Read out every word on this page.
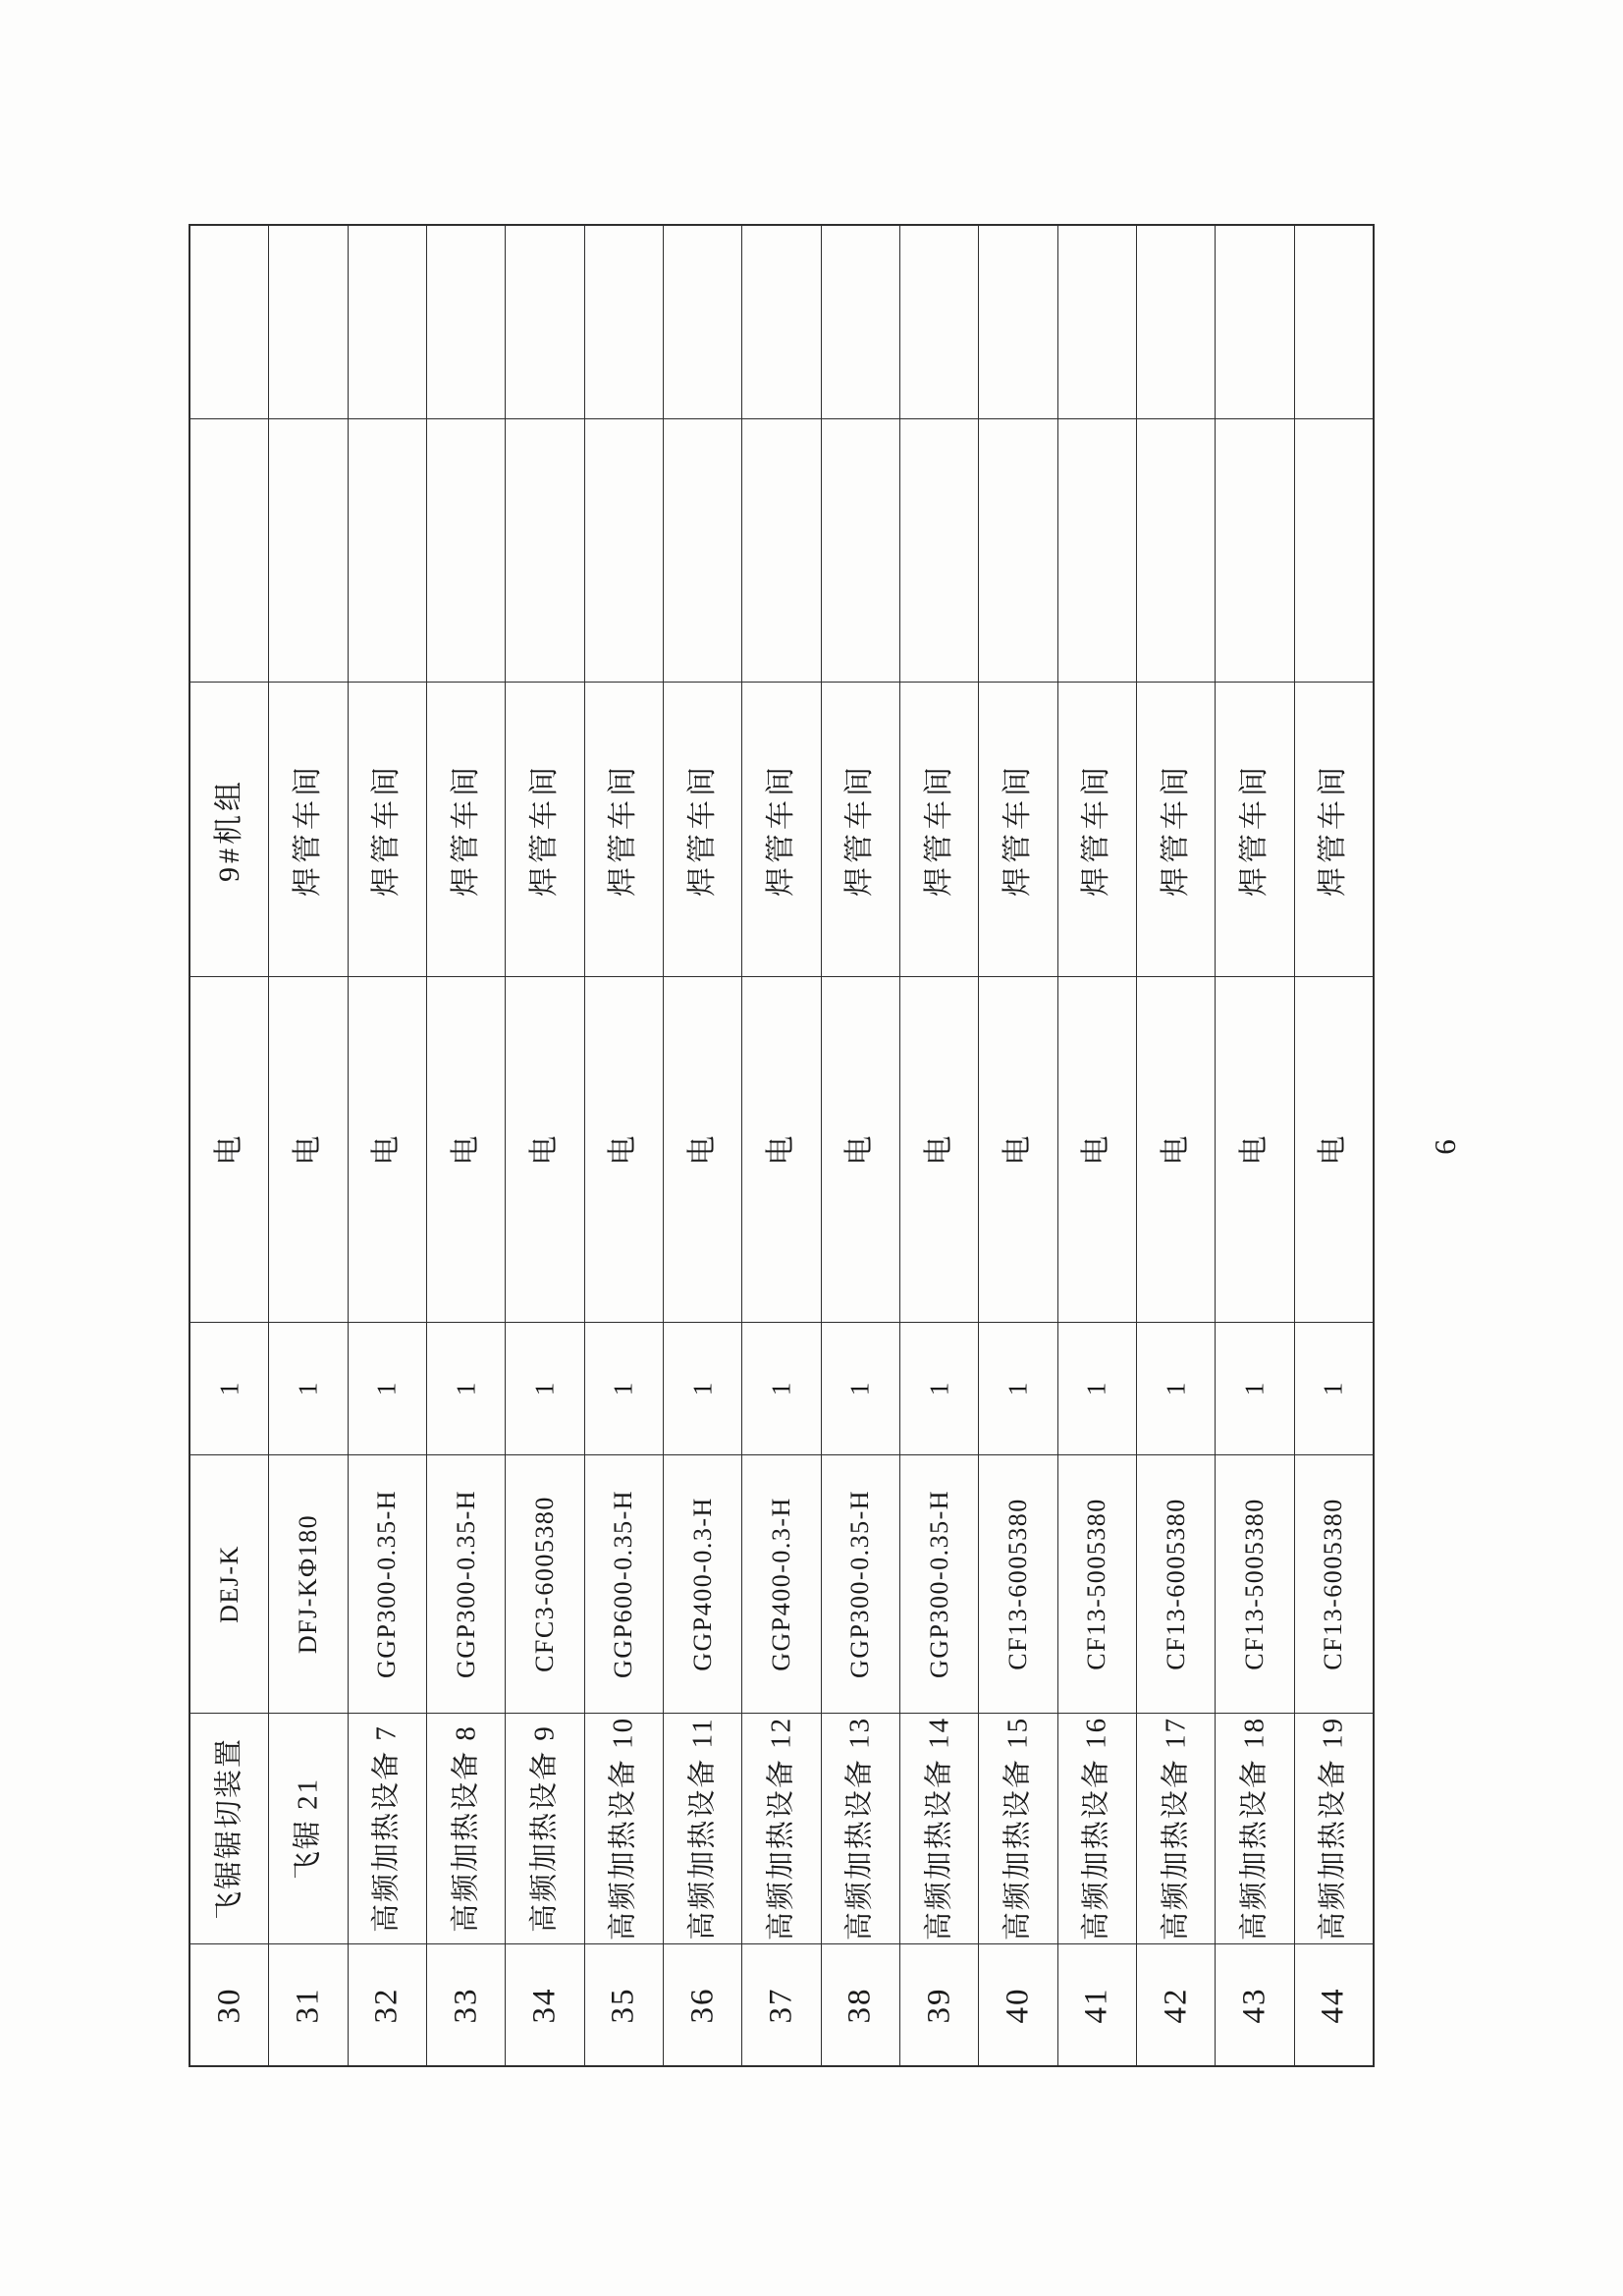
9#机组
电
1
DEJ-K
飞锯锯切装置
30
焊管车间
电
1
DFJ-KΦ180
飞锯 21
31
焊管车间
电
1
GGP300-0.35-H
高频加热设备 7
32
焊管车间
电
1
GGP300-0.35-H
高频加热设备 8
33
焊管车间
电
1
CFC3-6005380
高频加热设备 9
34
焊管车间
电
1
GGP600-0.35-H
高频加热设备 10
35
焊管车间
电
1
GGP400-0.3-H
高频加热设备 11
36
焊管车间
电
1
GGP400-0.3-H
高频加热设备 12
37
焊管车间
电
1
GGP300-0.35-H
高频加热设备 13
38
焊管车间
电
1
GGP300-0.35-H
高频加热设备 14
39
焊管车间
电
1
CF13-6005380
高频加热设备 15
40
焊管车间
电
1
CF13-5005380
高频加热设备 16
41
焊管车间
电
1
CF13-6005380
高频加热设备 17
42
焊管车间
电
1
CF13-5005380
高频加热设备 18
43
焊管车间
电
1
CF13-6005380
高频加热设备 19
44
6
